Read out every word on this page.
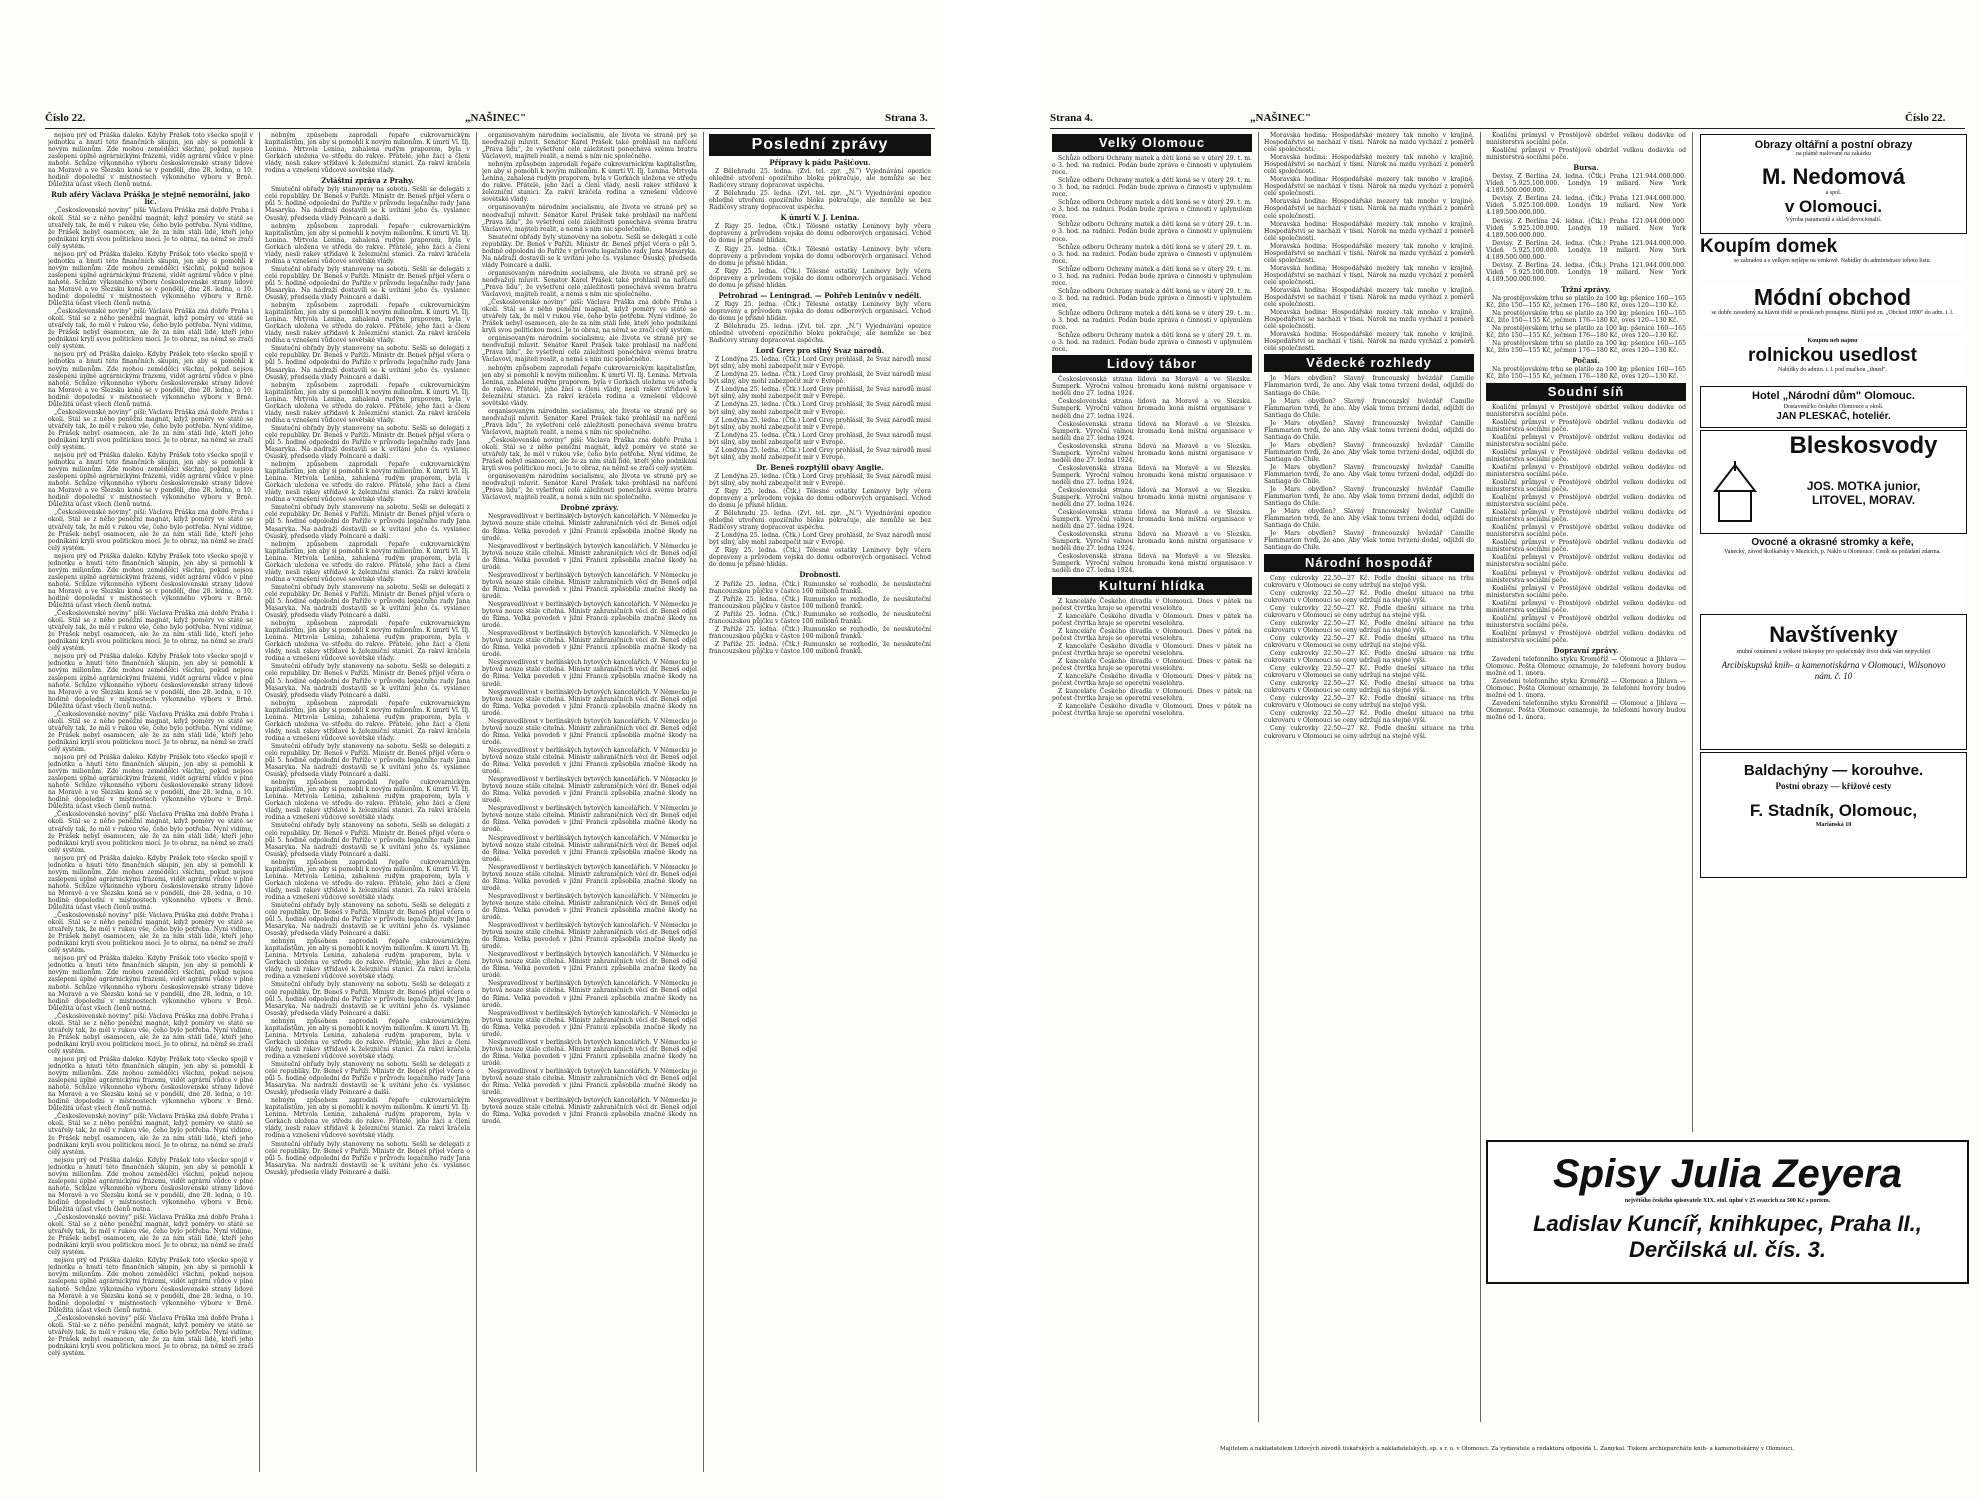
Číslo 22.	„NAŠINEC"	Strana 3.

nejsou prý od Práška daleko. Kdyby Prášek toto všecko spojil v jednotku a hnutí této finančních skupin, jen aby si pomohli k novým milionům. Zde mohou zemědělci všichni, pokud nejsou zaslepeni úplně agrárnickými frázemi, vidět agrární vůdce v plné nahotě. Schůze výkonného výboru československé strany lidové na Moravě a ve Slezsku koná se v pondělí, dne 28. ledna, o 10. hodině dopolední v místnostech výkonného výboru v Brně. Důležitá účast všech členů nutná.

Rub aféry Václava Práška je stejně nemorální, jako líc.

„Československé noviny“ píší: Václava Práška zná dobře Praha i okolí. Stál se z něho peněžní magnát, když poměry ve státě se utvářely tak, že měl v rukou vše, čeho bylo potřeba. Nyní vidíme, že Prášek nebyl osamocen, ale že za ním stáli lidé, kteří jeho podnikání kryli svou politickou mocí. Je to obraz, na němž se zračí celý systém.

nejsou prý od Práška daleko. Kdyby Prášek toto všecko spojil v jednotku a hnutí této finančních skupin, jen aby si pomohli k novým milionům. Zde mohou zemědělci všichni, pokud nejsou zaslepeni úplně agrárnickými frázemi, vidět agrární vůdce v plné nahotě. Schůze výkonného výboru československé strany lidové na Moravě a ve Slezsku koná se v pondělí, dne 28. ledna, o 10. hodině dopolední v místnostech výkonného výboru v Brně. Důležitá účast všech členů nutná.

„Československé noviny“ píší: Václava Práška zná dobře Praha i okolí. Stál se z něho peněžní magnát, když poměry ve státě se utvářely tak, že měl v rukou vše, čeho bylo potřeba. Nyní vidíme, že Prášek nebyl osamocen, ale že za ním stáli lidé, kteří jeho podnikání kryli svou politickou mocí. Je to obraz, na němž se zračí celý systém.

nejsou prý od Práška daleko. Kdyby Prášek toto všecko spojil v jednotku a hnutí této finančních skupin, jen aby si pomohli k novým milionům. Zde mohou zemědělci všichni, pokud nejsou zaslepeni úplně agrárnickými frázemi, vidět agrární vůdce v plné nahotě. Schůze výkonného výboru československé strany lidové na Moravě a ve Slezsku koná se v pondělí, dne 28. ledna, o 10. hodině dopolední v místnostech výkonného výboru v Brně. Důležitá účast všech členů nutná.

„Československé noviny“ píší: Václava Práška zná dobře Praha i okolí. Stál se z něho peněžní magnát, když poměry ve státě se utvářely tak, že měl v rukou vše, čeho bylo potřeba. Nyní vidíme, že Prášek nebyl osamocen, ale že za ním stáli lidé, kteří jeho podnikání kryli svou politickou mocí. Je to obraz, na němž se zračí celý systém.

nejsou prý od Práška daleko. Kdyby Prášek toto všecko spojil v jednotku a hnutí této finančních skupin, jen aby si pomohli k novým milionům. Zde mohou zemědělci všichni, pokud nejsou zaslepeni úplně agrárnickými frázemi, vidět agrární vůdce v plné nahotě. Schůze výkonného výboru československé strany lidové na Moravě a ve Slezsku koná se v pondělí, dne 28. ledna, o 10. hodině dopolední v místnostech výkonného výboru v Brně. Důležitá účast všech členů nutná.

„Československé noviny“ píší: Václava Práška zná dobře Praha i okolí. Stál se z něho peněžní magnát, když poměry ve státě se utvářely tak, že měl v rukou vše, čeho bylo potřeba. Nyní vidíme, že Prášek nebyl osamocen, ale že za ním stáli lidé, kteří jeho podnikání kryli svou politickou mocí. Je to obraz, na němž se zračí celý systém.

nejsou prý od Práška daleko. Kdyby Prášek toto všecko spojil v jednotku a hnutí této finančních skupin, jen aby si pomohli k novým milionům. Zde mohou zemědělci všichni, pokud nejsou zaslepeni úplně agrárnickými frázemi, vidět agrární vůdce v plné nahotě. Schůze výkonného výboru československé strany lidové na Moravě a ve Slezsku koná se v pondělí, dne 28. ledna, o 10. hodině dopolední v místnostech výkonného výboru v Brně. Důležitá účast všech členů nutná.

„Československé noviny“ píší: Václava Práška zná dobře Praha i okolí. Stál se z něho peněžní magnát, když poměry ve státě se utvářely tak, že měl v rukou vše, čeho bylo potřeba. Nyní vidíme, že Prášek nebyl osamocen, ale že za ním stáli lidé, kteří jeho podnikání kryli svou politickou mocí. Je to obraz, na němž se zračí celý systém.

nejsou prý od Práška daleko. Kdyby Prášek toto všecko spojil v jednotku a hnutí této finančních skupin, jen aby si pomohli k novým milionům. Zde mohou zemědělci všichni, pokud nejsou zaslepeni úplně agrárnickými frázemi, vidět agrární vůdce v plné nahotě. Schůze výkonného výboru československé strany lidové na Moravě a ve Slezsku koná se v pondělí, dne 28. ledna, o 10. hodině dopolední v místnostech výkonného výboru v Brně. Důležitá účast všech členů nutná.

„Československé noviny“ píší: Václava Práška zná dobře Praha i okolí. Stál se z něho peněžní magnát, když poměry ve státě se utvářely tak, že měl v rukou vše, čeho bylo potřeba. Nyní vidíme, že Prášek nebyl osamocen, ale že za ním stáli lidé, kteří jeho podnikání kryli svou politickou mocí. Je to obraz, na němž se zračí celý systém.

nejsou prý od Práška daleko. Kdyby Prášek toto všecko spojil v jednotku a hnutí této finančních skupin, jen aby si pomohli k novým milionům. Zde mohou zemědělci všichni, pokud nejsou zaslepeni úplně agrárnickými frázemi, vidět agrární vůdce v plné nahotě. Schůze výkonného výboru československé strany lidové na Moravě a ve Slezsku koná se v pondělí, dne 28. ledna, o 10. hodině dopolední v místnostech výkonného výboru v Brně. Důležitá účast všech členů nutná.

„Československé noviny“ píší: Václava Práška zná dobře Praha i okolí. Stál se z něho peněžní magnát, když poměry ve státě se utvářely tak, že měl v rukou vše, čeho bylo potřeba. Nyní vidíme, že Prášek nebyl osamocen, ale že za ním stáli lidé, kteří jeho podnikání kryli svou politickou mocí. Je to obraz, na němž se zračí celý systém.

nejsou prý od Práška daleko. Kdyby Prášek toto všecko spojil v jednotku a hnutí této finančních skupin, jen aby si pomohli k novým milionům. Zde mohou zemědělci všichni, pokud nejsou zaslepeni úplně agrárnickými frázemi, vidět agrární vůdce v plné nahotě. Schůze výkonného výboru československé strany lidové na Moravě a ve Slezsku koná se v pondělí, dne 28. ledna, o 10. hodině dopolední v místnostech výkonného výboru v Brně. Důležitá účast všech členů nutná.

„Československé noviny“ píší: Václava Práška zná dobře Praha i okolí. Stál se z něho peněžní magnát, když poměry ve státě se utvářely tak, že měl v rukou vše, čeho bylo potřeba. Nyní vidíme, že Prášek nebyl osamocen, ale že za ním stáli lidé, kteří jeho podnikání kryli svou politickou mocí. Je to obraz, na němž se zračí celý systém.

nejsou prý od Práška daleko. Kdyby Prášek toto všecko spojil v jednotku a hnutí této finančních skupin, jen aby si pomohli k novým milionům. Zde mohou zemědělci všichni, pokud nejsou zaslepeni úplně agrárnickými frázemi, vidět agrární vůdce v plné nahotě. Schůze výkonného výboru československé strany lidové na Moravě a ve Slezsku koná se v pondělí, dne 28. ledna, o 10. hodině dopolední v místnostech výkonného výboru v Brně. Důležitá účast všech členů nutná.

„Československé noviny“ píší: Václava Práška zná dobře Praha i okolí. Stál se z něho peněžní magnát, když poměry ve státě se utvářely tak, že měl v rukou vše, čeho bylo potřeba. Nyní vidíme, že Prášek nebyl osamocen, ale že za ním stáli lidé, kteří jeho podnikání kryli svou politickou mocí. Je to obraz, na němž se zračí celý systém.

nejsou prý od Práška daleko. Kdyby Prášek toto všecko spojil v jednotku a hnutí této finančních skupin, jen aby si pomohli k novým milionům. Zde mohou zemědělci všichni, pokud nejsou zaslepeni úplně agrárnickými frázemi, vidět agrární vůdce v plné nahotě. Schůze výkonného výboru československé strany lidové na Moravě a ve Slezsku koná se v pondělí, dne 28. ledna, o 10. hodině dopolední v místnostech výkonného výboru v Brně. Důležitá účast všech členů nutná.

„Československé noviny“ píší: Václava Práška zná dobře Praha i okolí. Stál se z něho peněžní magnát, když poměry ve státě se utvářely tak, že měl v rukou vše, čeho bylo potřeba. Nyní vidíme, že Prášek nebyl osamocen, ale že za ním stáli lidé, kteří jeho podnikání kryli svou politickou mocí. Je to obraz, na němž se zračí celý systém.

nejsou prý od Práška daleko. Kdyby Prášek toto všecko spojil v jednotku a hnutí této finančních skupin, jen aby si pomohli k novým milionům. Zde mohou zemědělci všichni, pokud nejsou zaslepeni úplně agrárnickými frázemi, vidět agrární vůdce v plné nahotě. Schůze výkonného výboru československé strany lidové na Moravě a ve Slezsku koná se v pondělí, dne 28. ledna, o 10. hodině dopolední v místnostech výkonného výboru v Brně. Důležitá účast všech členů nutná.

„Československé noviny“ píší: Václava Práška zná dobře Praha i okolí. Stál se z něho peněžní magnát, když poměry ve státě se utvářely tak, že měl v rukou vše, čeho bylo potřeba. Nyní vidíme, že Prášek nebyl osamocen, ale že za ním stáli lidé, kteří jeho podnikání kryli svou politickou mocí. Je to obraz, na němž se zračí celý systém.

nejsou prý od Práška daleko. Kdyby Prášek toto všecko spojil v jednotku a hnutí této finančních skupin, jen aby si pomohli k novým milionům. Zde mohou zemědělci všichni, pokud nejsou zaslepeni úplně agrárnickými frázemi, vidět agrární vůdce v plné nahotě. Schůze výkonného výboru československé strany lidové na Moravě a ve Slezsku koná se v pondělí, dne 28. ledna, o 10. hodině dopolední v místnostech výkonného výboru v Brně. Důležitá účast všech členů nutná.

„Československé noviny“ píší: Václava Práška zná dobře Praha i okolí. Stál se z něho peněžní magnát, když poměry ve státě se utvářely tak, že měl v rukou vše, čeho bylo potřeba. Nyní vidíme, že Prášek nebyl osamocen, ale že za ním stáli lidé, kteří jeho podnikání kryli svou politickou mocí. Je to obraz, na němž se zračí celý systém.

nebným způsobem zaprodali řepaře cukrovarnickým kapitalistům, jen aby si pomohli k novým milionům. K úmrtí Vl. Ilj. Lenina. Mrtvola Lenina, zahalená rudým praporem, byla v Gorkách uložena ve středu do rakve. Přátelé, jeho žáci a členi vlády, nesli rakev střídavě k železniční stanici. Za rakví kráčela rodina a vznešení vůdcové sovětské vlády.

Zvláštní zpráva z Prahy.

Smuteční obřady byly stanoveny na sobotu. Sešli se delegáti z celé republiky. Dr. Beneš v Paříži. Ministr dr. Beneš přijel včera o půl 5. hodině odpolední do Paříže v průvodu legačního rady Jana Masaryka. Na nádraží dostavili se k uvítání jeho čs. vyslanec Osuský, předseda vlády Poincaré a další.

nebným způsobem zaprodali řepaře cukrovarnickým kapitalistům, jen aby si pomohli k novým milionům. K úmrtí Vl. Ilj. Lenina. Mrtvola Lenina, zahalená rudým praporem, byla v Gorkách uložena ve středu do rakve. Přátelé, jeho žáci a členi vlády, nesli rakev střídavě k železniční stanici. Za rakví kráčela rodina a vznešení vůdcové sovětské vlády.

Smuteční obřady byly stanoveny na sobotu. Sešli se delegáti z celé republiky. Dr. Beneš v Paříži. Ministr dr. Beneš přijel včera o půl 5. hodině odpolední do Paříže v průvodu legačního rady Jana Masaryka. Na nádraží dostavili se k uvítání jeho čs. vyslanec Osuský, předseda vlády Poincaré a další.

nebným způsobem zaprodali řepaře cukrovarnickým kapitalistům, jen aby si pomohli k novým milionům. K úmrtí Vl. Ilj. Lenina. Mrtvola Lenina, zahalená rudým praporem, byla v Gorkách uložena ve středu do rakve. Přátelé, jeho žáci a členi vlády, nesli rakev střídavě k železniční stanici. Za rakví kráčela rodina a vznešení vůdcové sovětské vlády.

Smuteční obřady byly stanoveny na sobotu. Sešli se delegáti z celé republiky. Dr. Beneš v Paříži. Ministr dr. Beneš přijel včera o půl 5. hodině odpolední do Paříže v průvodu legačního rady Jana Masaryka. Na nádraží dostavili se k uvítání jeho čs. vyslanec Osuský, předseda vlády Poincaré a další.

nebným způsobem zaprodali řepaře cukrovarnickým kapitalistům, jen aby si pomohli k novým milionům. K úmrtí Vl. Ilj. Lenina. Mrtvola Lenina, zahalená rudým praporem, byla v Gorkách uložena ve středu do rakve. Přátelé, jeho žáci a členi vlády, nesli rakev střídavě k železniční stanici. Za rakví kráčela rodina a vznešení vůdcové sovětské vlády.

Smuteční obřady byly stanoveny na sobotu. Sešli se delegáti z celé republiky. Dr. Beneš v Paříži. Ministr dr. Beneš přijel včera o půl 5. hodině odpolední do Paříže v průvodu legačního rady Jana Masaryka. Na nádraží dostavili se k uvítání jeho čs. vyslanec Osuský, předseda vlády Poincaré a další.

nebným způsobem zaprodali řepaře cukrovarnickým kapitalistům, jen aby si pomohli k novým milionům. K úmrtí Vl. Ilj. Lenina. Mrtvola Lenina, zahalená rudým praporem, byla v Gorkách uložena ve středu do rakve. Přátelé, jeho žáci a členi vlády, nesli rakev střídavě k železniční stanici. Za rakví kráčela rodina a vznešení vůdcové sovětské vlády.

Smuteční obřady byly stanoveny na sobotu. Sešli se delegáti z celé republiky. Dr. Beneš v Paříži. Ministr dr. Beneš přijel včera o půl 5. hodině odpolední do Paříže v průvodu legačního rady Jana Masaryka. Na nádraží dostavili se k uvítání jeho čs. vyslanec Osuský, předseda vlády Poincaré a další.

nebným způsobem zaprodali řepaře cukrovarnickým kapitalistům, jen aby si pomohli k novým milionům. K úmrtí Vl. Ilj. Lenina. Mrtvola Lenina, zahalená rudým praporem, byla v Gorkách uložena ve středu do rakve. Přátelé, jeho žáci a členi vlády, nesli rakev střídavě k železniční stanici. Za rakví kráčela rodina a vznešení vůdcové sovětské vlády.

Smuteční obřady byly stanoveny na sobotu. Sešli se delegáti z celé republiky. Dr. Beneš v Paříži. Ministr dr. Beneš přijel včera o půl 5. hodině odpolední do Paříže v průvodu legačního rady Jana Masaryka. Na nádraží dostavili se k uvítání jeho čs. vyslanec Osuský, předseda vlády Poincaré a další.

nebným způsobem zaprodali řepaře cukrovarnickým kapitalistům, jen aby si pomohli k novým milionům. K úmrtí Vl. Ilj. Lenina. Mrtvola Lenina, zahalená rudým praporem, byla v Gorkách uložena ve středu do rakve. Přátelé, jeho žáci a členi vlády, nesli rakev střídavě k železniční stanici. Za rakví kráčela rodina a vznešení vůdcové sovětské vlády.

Smuteční obřady byly stanoveny na sobotu. Sešli se delegáti z celé republiky. Dr. Beneš v Paříži. Ministr dr. Beneš přijel včera o půl 5. hodině odpolední do Paříže v průvodu legačního rady Jana Masaryka. Na nádraží dostavili se k uvítání jeho čs. vyslanec Osuský, předseda vlády Poincaré a další.

nebným způsobem zaprodali řepaře cukrovarnickým kapitalistům, jen aby si pomohli k novým milionům. K úmrtí Vl. Ilj. Lenina. Mrtvola Lenina, zahalená rudým praporem, byla v Gorkách uložena ve středu do rakve. Přátelé, jeho žáci a členi vlády, nesli rakev střídavě k železniční stanici. Za rakví kráčela rodina a vznešení vůdcové sovětské vlády.

Smuteční obřady byly stanoveny na sobotu. Sešli se delegáti z celé republiky. Dr. Beneš v Paříži. Ministr dr. Beneš přijel včera o půl 5. hodině odpolední do Paříže v průvodu legačního rady Jana Masaryka. Na nádraží dostavili se k uvítání jeho čs. vyslanec Osuský, předseda vlády Poincaré a další.

nebným způsobem zaprodali řepaře cukrovarnickým kapitalistům, jen aby si pomohli k novým milionům. K úmrtí Vl. Ilj. Lenina. Mrtvola Lenina, zahalená rudým praporem, byla v Gorkách uložena ve středu do rakve. Přátelé, jeho žáci a členi vlády, nesli rakev střídavě k železniční stanici. Za rakví kráčela rodina a vznešení vůdcové sovětské vlády.

Smuteční obřady byly stanoveny na sobotu. Sešli se delegáti z celé republiky. Dr. Beneš v Paříži. Ministr dr. Beneš přijel včera o půl 5. hodině odpolední do Paříže v průvodu legačního rady Jana Masaryka. Na nádraží dostavili se k uvítání jeho čs. vyslanec Osuský, předseda vlády Poincaré a další.

nebným způsobem zaprodali řepaře cukrovarnickým kapitalistům, jen aby si pomohli k novým milionům. K úmrtí Vl. Ilj. Lenina. Mrtvola Lenina, zahalená rudým praporem, byla v Gorkách uložena ve středu do rakve. Přátelé, jeho žáci a členi vlády, nesli rakev střídavě k železniční stanici. Za rakví kráčela rodina a vznešení vůdcové sovětské vlády.

Smuteční obřady byly stanoveny na sobotu. Sešli se delegáti z celé republiky. Dr. Beneš v Paříži. Ministr dr. Beneš přijel včera o půl 5. hodině odpolední do Paříže v průvodu legačního rady Jana Masaryka. Na nádraží dostavili se k uvítání jeho čs. vyslanec Osuský, předseda vlády Poincaré a další.

nebným způsobem zaprodali řepaře cukrovarnickým kapitalistům, jen aby si pomohli k novým milionům. K úmrtí Vl. Ilj. Lenina. Mrtvola Lenina, zahalená rudým praporem, byla v Gorkách uložena ve středu do rakve. Přátelé, jeho žáci a členi vlády, nesli rakev střídavě k železniční stanici. Za rakví kráčela rodina a vznešení vůdcové sovětské vlády.

Smuteční obřady byly stanoveny na sobotu. Sešli se delegáti z celé republiky. Dr. Beneš v Paříži. Ministr dr. Beneš přijel včera o půl 5. hodině odpolední do Paříže v průvodu legačního rady Jana Masaryka. Na nádraží dostavili se k uvítání jeho čs. vyslanec Osuský, předseda vlády Poincaré a další.

nebným způsobem zaprodali řepaře cukrovarnickým kapitalistům, jen aby si pomohli k novým milionům. K úmrtí Vl. Ilj. Lenina. Mrtvola Lenina, zahalená rudým praporem, byla v Gorkách uložena ve středu do rakve. Přátelé, jeho žáci a členi vlády, nesli rakev střídavě k železniční stanici. Za rakví kráčela rodina a vznešení vůdcové sovětské vlády.

Smuteční obřady byly stanoveny na sobotu. Sešli se delegáti z celé republiky. Dr. Beneš v Paříži. Ministr dr. Beneš přijel včera o půl 5. hodině odpolední do Paříže v průvodu legačního rady Jana Masaryka. Na nádraží dostavili se k uvítání jeho čs. vyslanec Osuský, předseda vlády Poincaré a další.

nebným způsobem zaprodali řepaře cukrovarnickým kapitalistům, jen aby si pomohli k novým milionům. K úmrtí Vl. Ilj. Lenina. Mrtvola Lenina, zahalená rudým praporem, byla v Gorkách uložena ve středu do rakve. Přátelé, jeho žáci a členi vlády, nesli rakev střídavě k železniční stanici. Za rakví kráčela rodina a vznešení vůdcové sovětské vlády.

Smuteční obřady byly stanoveny na sobotu. Sešli se delegáti z celé republiky. Dr. Beneš v Paříži. Ministr dr. Beneš přijel včera o půl 5. hodině odpolední do Paříže v průvodu legačního rady Jana Masaryka. Na nádraží dostavili se k uvítání jeho čs. vyslanec Osuský, předseda vlády Poincaré a další.

organisovaným národním socialismu, ale života ve straně prý se neodvažují mluvit. Senátor Karel Prášek také prohlásil na nařčení „Práva lidu“, že vyšetření celé záležitosti ponechává svému bratru Václavovi, majiteli realit, a nemá s ním nic společného.

nebným způsobem zaprodali řepaře cukrovarnickým kapitalistům, jen aby si pomohli k novým milionům. K úmrtí Vl. Ilj. Lenina. Mrtvola Lenina, zahalená rudým praporem, byla v Gorkách uložena ve středu do rakve. Přátelé, jeho žáci a členi vlády, nesli rakev střídavě k železniční stanici. Za rakví kráčela rodina a vznešení vůdcové sovětské vlády.

organisovaným národním socialismu, ale života ve straně prý se neodvažují mluvit. Senátor Karel Prášek také prohlásil na nařčení „Práva lidu“, že vyšetření celé záležitosti ponechává svému bratru Václavovi, majiteli realit, a nemá s ním nic společného.

Smuteční obřady byly stanoveny na sobotu. Sešli se delegáti z celé republiky. Dr. Beneš v Paříži. Ministr dr. Beneš přijel včera o půl 5. hodině odpolední do Paříže v průvodu legačního rady Jana Masaryka. Na nádraží dostavili se k uvítání jeho čs. vyslanec Osuský, předseda vlády Poincaré a další.

organisovaným národním socialismu, ale života ve straně prý se neodvažují mluvit. Senátor Karel Prášek také prohlásil na nařčení „Práva lidu“, že vyšetření celé záležitosti ponechává svému bratru Václavovi, majiteli realit, a nemá s ním nic společného.

„Československé noviny“ píší: Václava Práška zná dobře Praha i okolí. Stál se z něho peněžní magnát, když poměry ve státě se utvářely tak, že měl v rukou vše, čeho bylo potřeba. Nyní vidíme, že Prášek nebyl osamocen, ale že za ním stáli lidé, kteří jeho podnikání kryli svou politickou mocí. Je to obraz, na němž se zračí celý systém.

organisovaným národním socialismu, ale života ve straně prý se neodvažují mluvit. Senátor Karel Prášek také prohlásil na nařčení „Práva lidu“, že vyšetření celé záležitosti ponechává svému bratru Václavovi, majiteli realit, a nemá s ním nic společného.

nebným způsobem zaprodali řepaře cukrovarnickým kapitalistům, jen aby si pomohli k novým milionům. K úmrtí Vl. Ilj. Lenina. Mrtvola Lenina, zahalená rudým praporem, byla v Gorkách uložena ve středu do rakve. Přátelé, jeho žáci a členi vlády, nesli rakev střídavě k železniční stanici. Za rakví kráčela rodina a vznešení vůdcové sovětské vlády.

organisovaným národním socialismu, ale života ve straně prý se neodvažují mluvit. Senátor Karel Prášek také prohlásil na nařčení „Práva lidu“, že vyšetření celé záležitosti ponechává svému bratru Václavovi, majiteli realit, a nemá s ním nic společného.

„Československé noviny“ píší: Václava Práška zná dobře Praha i okolí. Stál se z něho peněžní magnát, když poměry ve státě se utvářely tak, že měl v rukou vše, čeho bylo potřeba. Nyní vidíme, že Prášek nebyl osamocen, ale že za ním stáli lidé, kteří jeho podnikání kryli svou politickou mocí. Je to obraz, na němž se zračí celý systém.

organisovaným národním socialismu, ale života ve straně prý se neodvažují mluvit. Senátor Karel Prášek také prohlásil na nařčení „Práva lidu“, že vyšetření celé záležitosti ponechává svému bratru Václavovi, majiteli realit, a nemá s ním nic společného.

Drobné zprávy.

Nespravedlivost v berlínských bytových kancelářích. V Německu je bytová nouze stále citelná. Ministr zahraničních věcí dr. Beneš odjel do Říma. Velká povodeň v jižní Francii způsobila značné škody na úrodě.

Nespravedlivost v berlínských bytových kancelářích. V Německu je bytová nouze stále citelná. Ministr zahraničních věcí dr. Beneš odjel do Říma. Velká povodeň v jižní Francii způsobila značné škody na úrodě.

Nespravedlivost v berlínských bytových kancelářích. V Německu je bytová nouze stále citelná. Ministr zahraničních věcí dr. Beneš odjel do Říma. Velká povodeň v jižní Francii způsobila značné škody na úrodě.

Nespravedlivost v berlínských bytových kancelářích. V Německu je bytová nouze stále citelná. Ministr zahraničních věcí dr. Beneš odjel do Říma. Velká povodeň v jižní Francii způsobila značné škody na úrodě.

Nespravedlivost v berlínských bytových kancelářích. V Německu je bytová nouze stále citelná. Ministr zahraničních věcí dr. Beneš odjel do Říma. Velká povodeň v jižní Francii způsobila značné škody na úrodě.

Nespravedlivost v berlínských bytových kancelářích. V Německu je bytová nouze stále citelná. Ministr zahraničních věcí dr. Beneš odjel do Říma. Velká povodeň v jižní Francii způsobila značné škody na úrodě.

Nespravedlivost v berlínských bytových kancelářích. V Německu je bytová nouze stále citelná. Ministr zahraničních věcí dr. Beneš odjel do Říma. Velká povodeň v jižní Francii způsobila značné škody na úrodě.

Nespravedlivost v berlínských bytových kancelářích. V Německu je bytová nouze stále citelná. Ministr zahraničních věcí dr. Beneš odjel do Říma. Velká povodeň v jižní Francii způsobila značné škody na úrodě.

Nespravedlivost v berlínských bytových kancelářích. V Německu je bytová nouze stále citelná. Ministr zahraničních věcí dr. Beneš odjel do Říma. Velká povodeň v jižní Francii způsobila značné škody na úrodě.

Nespravedlivost v berlínských bytových kancelářích. V Německu je bytová nouze stále citelná. Ministr zahraničních věcí dr. Beneš odjel do Říma. Velká povodeň v jižní Francii způsobila značné škody na úrodě.

Nespravedlivost v berlínských bytových kancelářích. V Německu je bytová nouze stále citelná. Ministr zahraničních věcí dr. Beneš odjel do Říma. Velká povodeň v jižní Francii způsobila značné škody na úrodě.

Nespravedlivost v berlínských bytových kancelářích. V Německu je bytová nouze stále citelná. Ministr zahraničních věcí dr. Beneš odjel do Říma. Velká povodeň v jižní Francii způsobila značné škody na úrodě.

Nespravedlivost v berlínských bytových kancelářích. V Německu je bytová nouze stále citelná. Ministr zahraničních věcí dr. Beneš odjel do Říma. Velká povodeň v jižní Francii způsobila značné škody na úrodě.

Nespravedlivost v berlínských bytových kancelářích. V Německu je bytová nouze stále citelná. Ministr zahraničních věcí dr. Beneš odjel do Říma. Velká povodeň v jižní Francii způsobila značné škody na úrodě.

Nespravedlivost v berlínských bytových kancelářích. V Německu je bytová nouze stále citelná. Ministr zahraničních věcí dr. Beneš odjel do Říma. Velká povodeň v jižní Francii způsobila značné škody na úrodě.

Nespravedlivost v berlínských bytových kancelářích. V Německu je bytová nouze stále citelná. Ministr zahraničních věcí dr. Beneš odjel do Říma. Velká povodeň v jižní Francii způsobila značné škody na úrodě.

Nespravedlivost v berlínských bytových kancelářích. V Německu je bytová nouze stále citelná. Ministr zahraničních věcí dr. Beneš odjel do Říma. Velká povodeň v jižní Francii způsobila značné škody na úrodě.

Nespravedlivost v berlínských bytových kancelářích. V Německu je bytová nouze stále citelná. Ministr zahraničních věcí dr. Beneš odjel do Říma. Velká povodeň v jižní Francii způsobila značné škody na úrodě.

Nespravedlivost v berlínských bytových kancelářích. V Německu je bytová nouze stále citelná. Ministr zahraničních věcí dr. Beneš odjel do Říma. Velká povodeň v jižní Francii způsobila značné škody na úrodě.

Nespravedlivost v berlínských bytových kancelářích. V Německu je bytová nouze stále citelná. Ministr zahraničních věcí dr. Beneš odjel do Říma. Velká povodeň v jižní Francii způsobila značné škody na úrodě.

Nespravedlivost v berlínských bytových kancelářích. V Německu je bytová nouze stále citelná. Ministr zahraničních věcí dr. Beneš odjel do Říma. Velká povodeň v jižní Francii způsobila značné škody na úrodě.

Poslední zprávy

Přípravy k pádu Pašićovu.

Z Bělehradu 25. ledna. (Zvl. tel. zpr. „N.“) Vyjednávání opozice ohledně utvoření opozičního bloku pokračuje, ale nemůže se bez Radićovy strany dopracovat úspěchu.

Z Bělehradu 25. ledna. (Zvl. tel. zpr. „N.“) Vyjednávání opozice ohledně utvoření opozičního bloku pokračuje, ale nemůže se bez Radićovy strany dopracovat úspěchu.

K úmrtí V. J. Lenina.

Z Rigy 25. ledna. (Čtk.) Tělesné ostatky Leninovy byly včera dopraveny a průvodem vojska do domu odborových organisací. Vchod do domu je přísně hlídán.

Z Rigy 25. ledna. (Čtk.) Tělesné ostatky Leninovy byly včera dopraveny a průvodem vojska do domu odborových organisací. Vchod do domu je přísně hlídán.

Z Rigy 25. ledna. (Čtk.) Tělesné ostatky Leninovy byly včera dopraveny a průvodem vojska do domu odborových organisací. Vchod do domu je přísně hlídán.

Petrohrad — Leningrad. — Pohřeb Leninův v neděli.

Z Rigy 25. ledna. (Čtk.) Tělesné ostatky Leninovy byly včera dopraveny a průvodem vojska do domu odborových organisací. Vchod do domu je přísně hlídán.

Z Bělehradu 25. ledna. (Zvl. tel. zpr. „N.“) Vyjednávání opozice ohledně utvoření opozičního bloku pokračuje, ale nemůže se bez Radićovy strany dopracovat úspěchu.

Lord Grey pro silný Svaz národů.

Z Londýna 25. ledna. (Čtk.) Lord Grey prohlásil, že Svaz národů musí být silný, aby mohl zabezpečit mír v Evropě.

Z Londýna 25. ledna. (Čtk.) Lord Grey prohlásil, že Svaz národů musí být silný, aby mohl zabezpečit mír v Evropě.

Z Londýna 25. ledna. (Čtk.) Lord Grey prohlásil, že Svaz národů musí být silný, aby mohl zabezpečit mír v Evropě.

Z Londýna 25. ledna. (Čtk.) Lord Grey prohlásil, že Svaz národů musí být silný, aby mohl zabezpečit mír v Evropě.

Z Londýna 25. ledna. (Čtk.) Lord Grey prohlásil, že Svaz národů musí být silný, aby mohl zabezpečit mír v Evropě.

Z Londýna 25. ledna. (Čtk.) Lord Grey prohlásil, že Svaz národů musí být silný, aby mohl zabezpečit mír v Evropě.

Z Londýna 25. ledna. (Čtk.) Lord Grey prohlásil, že Svaz národů musí být silný, aby mohl zabezpečit mír v Evropě.

Dr. Beneš rozptýlil obavy Anglie.

Z Londýna 25. ledna. (Čtk.) Lord Grey prohlásil, že Svaz národů musí být silný, aby mohl zabezpečit mír v Evropě.

Z Rigy 25. ledna. (Čtk.) Tělesné ostatky Leninovy byly včera dopraveny a průvodem vojska do domu odborových organisací. Vchod do domu je přísně hlídán.

Z Bělehradu 25. ledna. (Zvl. tel. zpr. „N.“) Vyjednávání opozice ohledně utvoření opozičního bloku pokračuje, ale nemůže se bez Radićovy strany dopracovat úspěchu.

Z Londýna 25. ledna. (Čtk.) Lord Grey prohlásil, že Svaz národů musí být silný, aby mohl zabezpečit mír v Evropě.

Z Rigy 25. ledna. (Čtk.) Tělesné ostatky Leninovy byly včera dopraveny a průvodem vojska do domu odborových organisací. Vchod do domu je přísně hlídán.

Drobnosti.

Z Paříže 25. ledna. (Čtk.) Rumunsko se rozhodlo, že neuskuteční francouzskou půjčku v částce 100 milionů franků.

Z Paříže 25. ledna. (Čtk.) Rumunsko se rozhodlo, že neuskuteční francouzskou půjčku v částce 100 milionů franků.

Z Paříže 25. ledna. (Čtk.) Rumunsko se rozhodlo, že neuskuteční francouzskou půjčku v částce 100 milionů franků.

Z Paříže 25. ledna. (Čtk.) Rumunsko se rozhodlo, že neuskuteční francouzskou půjčku v částce 100 milionů franků.

Z Paříže 25. ledna. (Čtk.) Rumunsko se rozhodlo, že neuskuteční francouzskou půjčku v částce 100 milionů franků.

Strana 4.	„NAŠINEC"	Číslo 22.
Velký Olomouc

Schůze odboru Ochrany matek a dětí koná se v úterý 29. t. m. o 3. hod. na radnici. Podán bude zpráva o činnosti v uplynulém roce.

Schůze odboru Ochrany matek a dětí koná se v úterý 29. t. m. o 3. hod. na radnici. Podán bude zpráva o činnosti v uplynulém roce.

Schůze odboru Ochrany matek a dětí koná se v úterý 29. t. m. o 3. hod. na radnici. Podán bude zpráva o činnosti v uplynulém roce.

Schůze odboru Ochrany matek a dětí koná se v úterý 29. t. m. o 3. hod. na radnici. Podán bude zpráva o činnosti v uplynulém roce.

Schůze odboru Ochrany matek a dětí koná se v úterý 29. t. m. o 3. hod. na radnici. Podán bude zpráva o činnosti v uplynulém roce.

Schůze odboru Ochrany matek a dětí koná se v úterý 29. t. m. o 3. hod. na radnici. Podán bude zpráva o činnosti v uplynulém roce.

Schůze odboru Ochrany matek a dětí koná se v úterý 29. t. m. o 3. hod. na radnici. Podán bude zpráva o činnosti v uplynulém roce.

Schůze odboru Ochrany matek a dětí koná se v úterý 29. t. m. o 3. hod. na radnici. Podán bude zpráva o činnosti v uplynulém roce.

Schůze odboru Ochrany matek a dětí koná se v úterý 29. t. m. o 3. hod. na radnici. Podán bude zpráva o činnosti v uplynulém roce.

Lidový tábor

Československá strana lidová na Moravě a ve Slezsku. Šumperk. Výroční valnou hromadu koná místní organisace v neděli dne 27. ledna 1924.

Československá strana lidová na Moravě a ve Slezsku. Šumperk. Výroční valnou hromadu koná místní organisace v neděli dne 27. ledna 1924.

Československá strana lidová na Moravě a ve Slezsku. Šumperk. Výroční valnou hromadu koná místní organisace v neděli dne 27. ledna 1924.

Československá strana lidová na Moravě a ve Slezsku. Šumperk. Výroční valnou hromadu koná místní organisace v neděli dne 27. ledna 1924.

Československá strana lidová na Moravě a ve Slezsku. Šumperk. Výroční valnou hromadu koná místní organisace v neděli dne 27. ledna 1924.

Československá strana lidová na Moravě a ve Slezsku. Šumperk. Výroční valnou hromadu koná místní organisace v neděli dne 27. ledna 1924.

Československá strana lidová na Moravě a ve Slezsku. Šumperk. Výroční valnou hromadu koná místní organisace v neděli dne 27. ledna 1924.

Československá strana lidová na Moravě a ve Slezsku. Šumperk. Výroční valnou hromadu koná místní organisace v neděli dne 27. ledna 1924.

Československá strana lidová na Moravě a ve Slezsku. Šumperk. Výroční valnou hromadu koná místní organisace v neděli dne 27. ledna 1924.

Kulturní hlídka

Z kanceláře Českého divadla v Olomouci. Dnes v pátek na počest čtvrtka hraje se operetní veselohra.

Z kanceláře Českého divadla v Olomouci. Dnes v pátek na počest čtvrtka hraje se operetní veselohra.

Z kanceláře Českého divadla v Olomouci. Dnes v pátek na počest čtvrtka hraje se operetní veselohra.

Z kanceláře Českého divadla v Olomouci. Dnes v pátek na počest čtvrtka hraje se operetní veselohra.

Z kanceláře Českého divadla v Olomouci. Dnes v pátek na počest čtvrtka hraje se operetní veselohra.

Z kanceláře Českého divadla v Olomouci. Dnes v pátek na počest čtvrtka hraje se operetní veselohra.

Z kanceláře Českého divadla v Olomouci. Dnes v pátek na počest čtvrtka hraje se operetní veselohra.

Z kanceláře Českého divadla v Olomouci. Dnes v pátek na počest čtvrtka hraje se operetní veselohra.

Moravská hodina: Hospodářské mezery tak mnoho v krajině. Hospodářství se nachází v tísni. Nárok na mzdu vychází z poměrů celé společnosti.

Moravská hodina: Hospodářské mezery tak mnoho v krajině. Hospodářství se nachází v tísni. Nárok na mzdu vychází z poměrů celé společnosti.

Moravská hodina: Hospodářské mezery tak mnoho v krajině. Hospodářství se nachází v tísni. Nárok na mzdu vychází z poměrů celé společnosti.

Moravská hodina: Hospodářské mezery tak mnoho v krajině. Hospodářství se nachází v tísni. Nárok na mzdu vychází z poměrů celé společnosti.

Moravská hodina: Hospodářské mezery tak mnoho v krajině. Hospodářství se nachází v tísni. Nárok na mzdu vychází z poměrů celé společnosti.

Moravská hodina: Hospodářské mezery tak mnoho v krajině. Hospodářství se nachází v tísni. Nárok na mzdu vychází z poměrů celé společnosti.

Moravská hodina: Hospodářské mezery tak mnoho v krajině. Hospodářství se nachází v tísni. Nárok na mzdu vychází z poměrů celé společnosti.

Moravská hodina: Hospodářské mezery tak mnoho v krajině. Hospodářství se nachází v tísni. Nárok na mzdu vychází z poměrů celé společnosti.

Moravská hodina: Hospodářské mezery tak mnoho v krajině. Hospodářství se nachází v tísni. Nárok na mzdu vychází z poměrů celé společnosti.

Moravská hodina: Hospodářské mezery tak mnoho v krajině. Hospodářství se nachází v tísni. Nárok na mzdu vychází z poměrů celé společnosti.

Vědecké rozhledy

Je Mars obydlen? Slavný francouzský hvězdář Camille Flammarion tvrdí, že ano. Aby však tomu tvrzení dodal, odjíždí do Santiaga do Chile.

Je Mars obydlen? Slavný francouzský hvězdář Camille Flammarion tvrdí, že ano. Aby však tomu tvrzení dodal, odjíždí do Santiaga do Chile.

Je Mars obydlen? Slavný francouzský hvězdář Camille Flammarion tvrdí, že ano. Aby však tomu tvrzení dodal, odjíždí do Santiaga do Chile.

Je Mars obydlen? Slavný francouzský hvězdář Camille Flammarion tvrdí, že ano. Aby však tomu tvrzení dodal, odjíždí do Santiaga do Chile.

Je Mars obydlen? Slavný francouzský hvězdář Camille Flammarion tvrdí, že ano. Aby však tomu tvrzení dodal, odjíždí do Santiaga do Chile.

Je Mars obydlen? Slavný francouzský hvězdář Camille Flammarion tvrdí, že ano. Aby však tomu tvrzení dodal, odjíždí do Santiaga do Chile.

Je Mars obydlen? Slavný francouzský hvězdář Camille Flammarion tvrdí, že ano. Aby však tomu tvrzení dodal, odjíždí do Santiaga do Chile.

Je Mars obydlen? Slavný francouzský hvězdář Camille Flammarion tvrdí, že ano. Aby však tomu tvrzení dodal, odjíždí do Santiaga do Chile.

Národní hospodář

Ceny cukrovky 22.50—27 Kč. Podle dnešní situace na trhu cukrovaru v Olomouci se ceny udržují na stejné výši.

Ceny cukrovky 22.50—27 Kč. Podle dnešní situace na trhu cukrovaru v Olomouci se ceny udržují na stejné výši.

Ceny cukrovky 22.50—27 Kč. Podle dnešní situace na trhu cukrovaru v Olomouci se ceny udržují na stejné výši.

Ceny cukrovky 22.50—27 Kč. Podle dnešní situace na trhu cukrovaru v Olomouci se ceny udržují na stejné výši.

Ceny cukrovky 22.50—27 Kč. Podle dnešní situace na trhu cukrovaru v Olomouci se ceny udržují na stejné výši.

Ceny cukrovky 22.50—27 Kč. Podle dnešní situace na trhu cukrovaru v Olomouci se ceny udržují na stejné výši.

Ceny cukrovky 22.50—27 Kč. Podle dnešní situace na trhu cukrovaru v Olomouci se ceny udržují na stejné výši.

Ceny cukrovky 22.50—27 Kč. Podle dnešní situace na trhu cukrovaru v Olomouci se ceny udržují na stejné výši.

Ceny cukrovky 22.50—27 Kč. Podle dnešní situace na trhu cukrovaru v Olomouci se ceny udržují na stejné výši.

Ceny cukrovky 22.50—27 Kč. Podle dnešní situace na trhu cukrovaru v Olomouci se ceny udržují na stejné výši.

Ceny cukrovky 22.50—27 Kč. Podle dnešní situace na trhu cukrovaru v Olomouci se ceny udržují na stejné výši.

Koaliční průmysl v Prostějově obdržel velkou dodávku od ministerstva sociální péče.

Koaliční průmysl v Prostějově obdržel velkou dodávku od ministerstva sociální péče.

Bursa.

Devisy. Z Berlína 24. ledna. (Čtk.) Praha 121.944.000.000. Vídeň 5.925.100.000. Londýn 19 miliard. New York 4.189.500.000.000.

Devisy. Z Berlína 24. ledna. (Čtk.) Praha 121.944.000.000. Vídeň 5.925.100.000. Londýn 19 miliard. New York 4.189.500.000.000.

Devisy. Z Berlína 24. ledna. (Čtk.) Praha 121.944.000.000. Vídeň 5.925.100.000. Londýn 19 miliard. New York 4.189.500.000.000.

Devisy. Z Berlína 24. ledna. (Čtk.) Praha 121.944.000.000. Vídeň 5.925.100.000. Londýn 19 miliard. New York 4.189.500.000.000.

Devisy. Z Berlína 24. ledna. (Čtk.) Praha 121.944.000.000. Vídeň 5.925.100.000. Londýn 19 miliard. New York 4.189.500.000.000.

Tržní zprávy.

Na prostějovském trhu se platilo za 100 kg: pšenice 160—165 Kč, žito 150—155 Kč, ječmen 176—180 Kč, oves 120—130 Kč.

Na prostějovském trhu se platilo za 100 kg: pšenice 160—165 Kč, žito 150—155 Kč, ječmen 176—180 Kč, oves 120—130 Kč.

Na prostějovském trhu se platilo za 100 kg: pšenice 160—165 Kč, žito 150—155 Kč, ječmen 176—180 Kč, oves 120—130 Kč.

Na prostějovském trhu se platilo za 100 kg: pšenice 160—165 Kč, žito 150—155 Kč, ječmen 176—180 Kč, oves 120—130 Kč.

Počasí.

Na prostějovském trhu se platilo za 100 kg: pšenice 160—165 Kč, žito 150—155 Kč, ječmen 176—180 Kč, oves 120—130 Kč.

Soudní síň

Koaliční průmysl v Prostějově obdržel velkou dodávku od ministerstva sociální péče.

Koaliční průmysl v Prostějově obdržel velkou dodávku od ministerstva sociální péče.

Koaliční průmysl v Prostějově obdržel velkou dodávku od ministerstva sociální péče.

Koaliční průmysl v Prostějově obdržel velkou dodávku od ministerstva sociální péče.

Koaliční průmysl v Prostějově obdržel velkou dodávku od ministerstva sociální péče.

Koaliční průmysl v Prostějově obdržel velkou dodávku od ministerstva sociální péče.

Koaliční průmysl v Prostějově obdržel velkou dodávku od ministerstva sociální péče.

Koaliční průmysl v Prostějově obdržel velkou dodávku od ministerstva sociální péče.

Koaliční průmysl v Prostějově obdržel velkou dodávku od ministerstva sociální péče.

Koaliční průmysl v Prostějově obdržel velkou dodávku od ministerstva sociální péče.

Koaliční průmysl v Prostějově obdržel velkou dodávku od ministerstva sociální péče.

Koaliční průmysl v Prostějově obdržel velkou dodávku od ministerstva sociální péče.

Koaliční průmysl v Prostějově obdržel velkou dodávku od ministerstva sociální péče.

Koaliční průmysl v Prostějově obdržel velkou dodávku od ministerstva sociální péče.

Koaliční průmysl v Prostějově obdržel velkou dodávku od ministerstva sociální péče.

Koaliční průmysl v Prostějově obdržel velkou dodávku od ministerstva sociální péče.

Dopravní zprávy.

Zavedení telefonního styku Kroměříž — Olomouc a Jihlava — Olomouc. Pošta Olomouc oznamuje, že telefonní hovory budou možné od 1. února.

Zavedení telefonního styku Kroměříž — Olomouc a Jihlava — Olomouc. Pošta Olomouc oznamuje, že telefonní hovory budou možné od 1. února.

Zavedení telefonního styku Kroměříž — Olomouc a Jihlava — Olomouc. Pošta Olomouc oznamuje, že telefonní hovory budou možné od 1. února.

Obrazy oltářní a postní obrazy
na plátně malované na zakázku
M. Nedomová
a spol.
v Olomouci.
Výroba paramentů a sklad devocionalií.
Koupím domek
se zahradou a s velkým nejlépe na venkově. Nabídky do administrace tohoto listu.
Módní obchod
se dobře zavedený na hlavní třídě se prodá neb pronajme. Bližší pod zn. „Obchod 1890" do adm. t. l.
Koupím neb najmu
rolnickou usedlost
Nabídky do admin. t. l. pod značkou „ihned".
Hotel „Národní dům" Olomouc.
Dostaveníčko českého Olomouce a okolí.
JAN PLESKAČ, hoteliér.
Bleskosvody
JOS. MOTKA junior,
LITOVEL, MORAV.
Ovocné a okrasné stromky a keře,
Vanecký, závod školkařský v Mezicích, p. Náklo u Olomouce. Ceník na požádání zdarma.
Navštívenky
snubní oznámení a veškeré tiskopisy pro společenský život dodá vám nejrychleji
Arcibiskupská knih- a kamenotiskárna v Olomouci, Wilsonovo nám. č. 10
Baldachýny — korouhve.
Postní obrazy — křížové cesty
F. Stadník, Olomouc,
Mariánská 10
Spisy Julia Zeyera
největšího českého spisovatele XIX. stol. úplné v 25 svazcích za 500 Kč s portem.
Ladislav Kuncíř, knihkupec, Praha II.,
Derčilská ul. čís. 3.
Majitelem a nakladatelem Lidových závodů tiskařských a nakladatelských, sp. s r. o. v Olomouci. Za vydavatele a redaktora odpovídá L. Zamykal. Tiskem archieparchátu knih- a kamenotiskárny v Olomouci.
